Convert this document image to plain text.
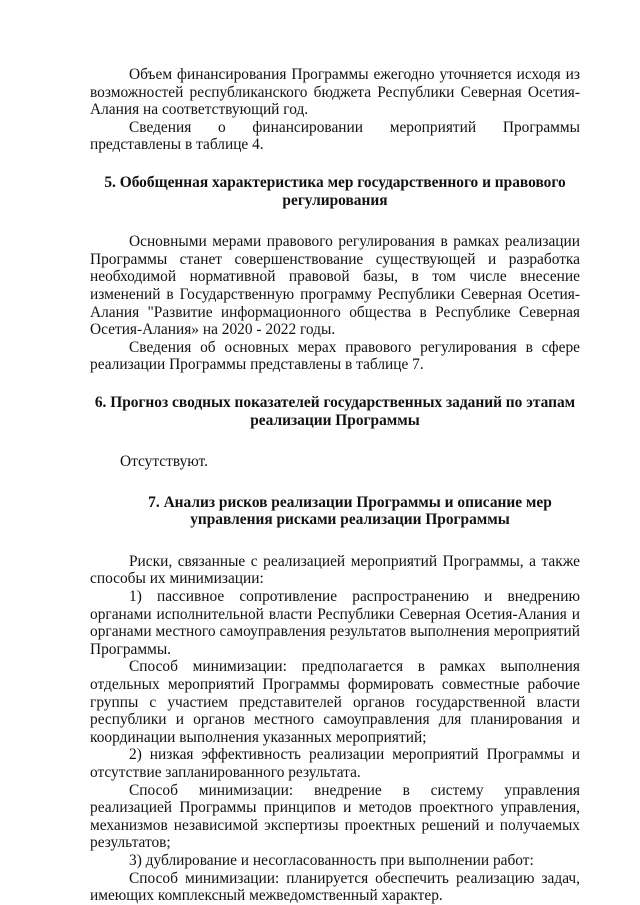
Объем финансирования Программы ежегодно уточняется исходя из возможностей республиканского бюджета Республики Северная Осетия-Алания на соответствующий год.

Сведения о финансировании мероприятий Программы представлены в таблице 4.

5. Обобщенная характеристика мер государственного и правового регулирования

Основными мерами правового регулирования в рамках реализации Программы станет совершенствование существующей и разработка необходимой нормативной правовой базы, в том числе внесение изменений в Государственную программу Республики Северная Осетия-Алания "Развитие информационного общества в Республике Северная Осетия-Алания» на 2020 - 2022 годы.

Сведения об основных мерах правового регулирования в сфере реализации Программы представлены в таблице 7.

6. Прогноз сводных показателей государственных заданий по этапам реализации Программы

Отсутствуют.

7. Анализ рисков реализации Программы и описание мер управления рисками реализации Программы

Риски, связанные с реализацией мероприятий Программы, а также способы их минимизации:

1) пассивное сопротивление распространению и внедрению органами исполнительной власти Республики Северная Осетия-Алания и органами местного самоуправления результатов выполнения мероприятий Программы.

Способ минимизации: предполагается в рамках выполнения отдельных мероприятий Программы формировать совместные рабочие группы с участием представителей органов государственной власти республики и органов местного самоуправления для планирования и координации выполнения указанных мероприятий;

2) низкая эффективность реализации мероприятий Программы и отсутствие запланированного результата.

Способ минимизации: внедрение в систему управления реализацией Программы принципов и методов проектного управления, механизмов независимой экспертизы проектных решений и получаемых результатов;

3) дублирование и несогласованность при выполнении работ:

Способ минимизации: планируется обеспечить реализацию задач, имеющих комплексный межведомственный характер.
